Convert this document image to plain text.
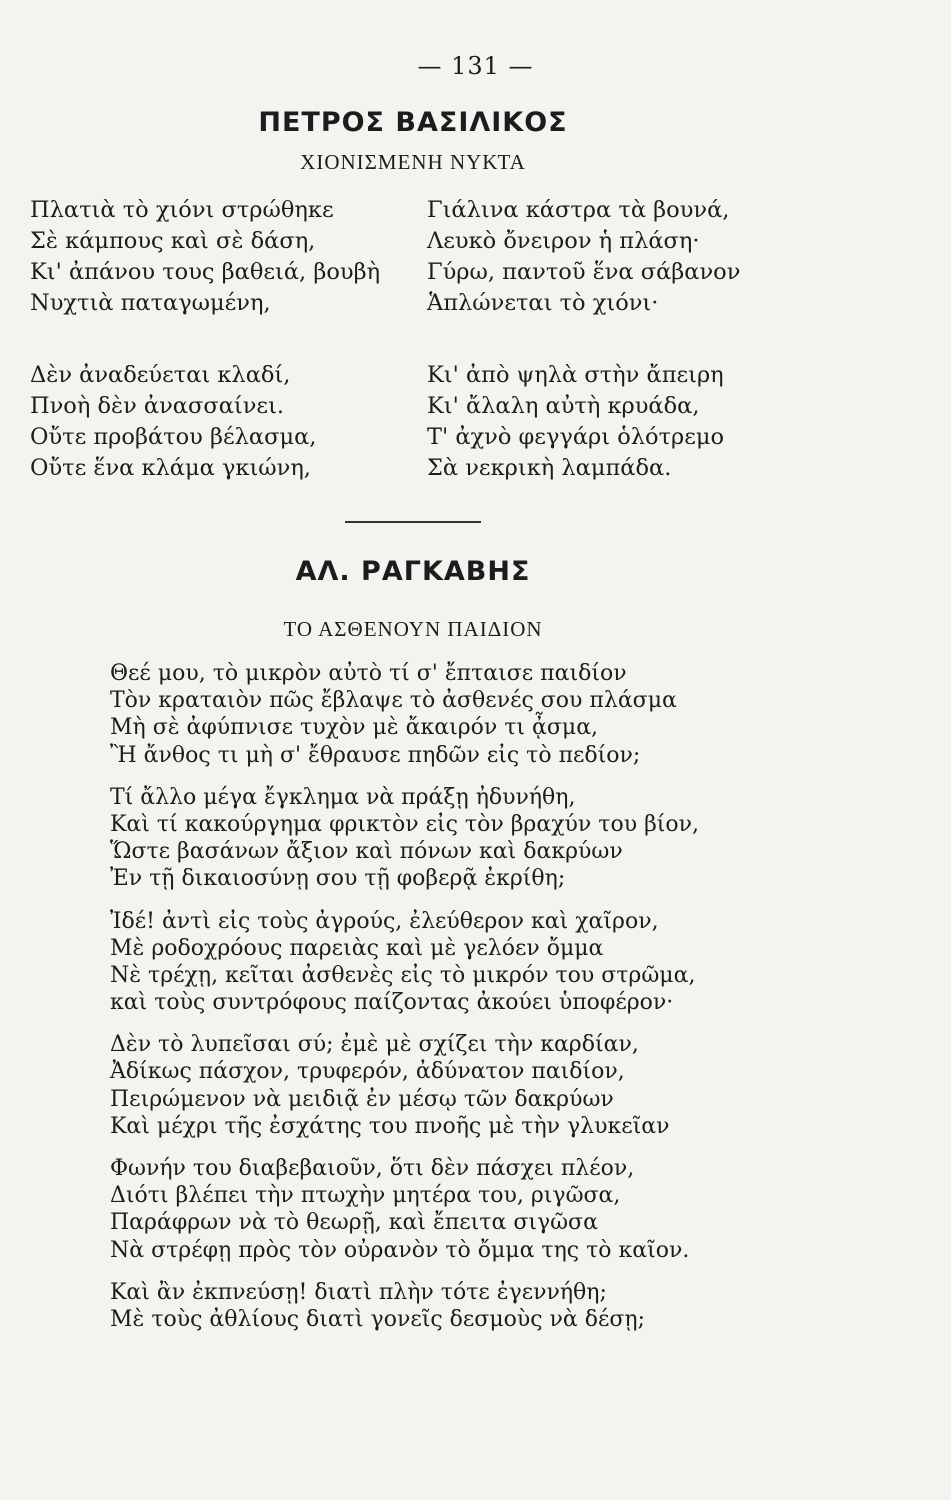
— 131 —
ΠΕΤΡΟΣ ΒΑΣΙΛΙΚΟΣ
ΧΙΟΝΙΣΜΕΝΗ ΝΥΚΤΑ
Πλατιὰ τὸ χιόνι στρώθηκε
Σὲ κάμπους καὶ σὲ δάση,
Κι' ἀπάνου τους βαθειά, βουβὴ
Νυχτιὰ παταγωμένη,
Γιάλινα κάστρα τὰ βουνά,
Λευκὸ ὄνειρον ἡ πλάση·
Γύρω, παντοῦ ἕνα σάβανον
Ἁπλώνεται τὸ χιόνι·
Δὲν ἀναδεύεται κλαδί,
Πνοὴ δὲν ἀνασσαίνει.
Οὔτε προβάτου βέλασμα,
Οὔτε ἕνα κλάμα γκιώνη,
Κι' ἀπὸ ψηλὰ στὴν ἄπειρη
Κι' ἄλαλη αὐτὴ κρυάδα,
Τ' ἀχνὸ φεγγάρι ὁλότρεμο
Σὰ νεκρικὴ λαμπάδα.
ΑΛ. ΡΑΓΚΑΒΗΣ
ΤΟ ΑΣΘΕΝΟΥΝ ΠΑΙΔΙΟΝ
Θεέ μου, τὸ μικρὸν αὐτὸ τί σ' ἔπταισε παιδίον
Τὸν κραταιὸν πῶς ἔβλαψε τὸ ἀσθενές σου πλάσμα
Μὴ σὲ ἀφύπνισε τυχὸν μὲ ἄκαιρόν τι ᾆσμα,
Ἢ ἄνθος τι μὴ σ' ἔθραυσε πηδῶν εἰς τὸ πεδίον;
Τί ἄλλο μέγα ἔγκλημα νὰ πράξῃ ἠδυνήθη,
Καὶ τί κακούργημα φρικτὸν εἰς τὸν βραχύν του βίον,
Ὥστε βασάνων ἄξιον καὶ πόνων καὶ δακρύων
Ἐν τῇ δικαιοσύνῃ σου τῇ φοβερᾷ ἐκρίθη;
Ἰδέ! ἀντὶ εἰς τοὺς ἀγρούς, ἐλεύθερον καὶ χαῖρον,
Μὲ ροδοχρόους παρειὰς καὶ μὲ γελόεν ὄμμα
Νὲ τρέχῃ, κεῖται ἀσθενὲς εἰς τὸ μικρόν του στρῶμα,
καὶ τοὺς συντρόφους παίζοντας ἀκούει ὑποφέρον·
Δὲν τὸ λυπεῖσαι σύ; ἐμὲ μὲ σχίζει τὴν καρδίαν,
Ἀδίκως πάσχον, τρυφερόν, ἀδύνατον παιδίον,
Πειρώμενον νὰ μειδιᾷ ἐν μέσῳ τῶν δακρύων
Καὶ μέχρι τῆς ἐσχάτης του πνοῆς μὲ τὴν γλυκεῖαν
Φωνήν του διαβεβαιοῦν, ὅτι δὲν πάσχει πλέον,
Διότι βλέπει τὴν πτωχὴν μητέρα του, ριγῶσα,
Παράφρων νὰ τὸ θεωρῇ, καὶ ἔπειτα σιγῶσα
Νὰ στρέφῃ πρὸς τὸν οὐρανὸν τὸ ὄμμα της τὸ καῖον.
Καὶ ἂν ἐκπνεύσῃ! διατὶ πλὴν τότε ἐγεννήθη;
Μὲ τοὺς ἀθλίους διατὶ γονεῖς δεσμοὺς νὰ δέσῃ;
